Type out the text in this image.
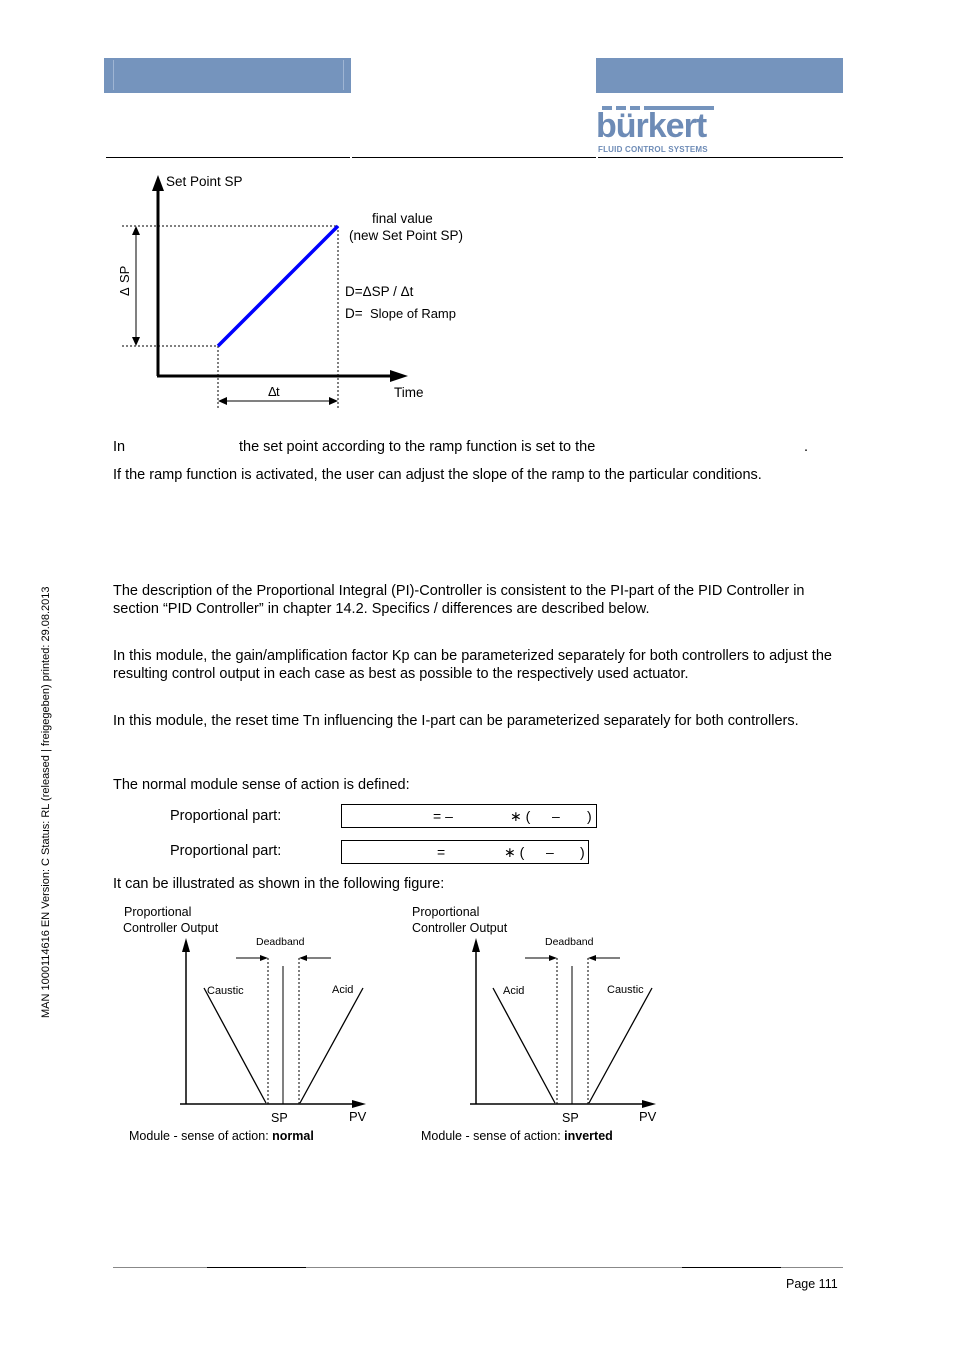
bürkert
FLUID CONTROL SYSTEMS
Set Point SP
Time
final value
(new Set Point SP)
D=ΔSP / Δt
D= Slope of Ramp
Δ
SP
Δ t
In	the set point according to the ramp function is set to the	.
If the ramp function is activated, the user can adjust the slope of the ramp to the particular conditions.
The description of the Proportional Integral (PI)-Controller is consistent to the PI-part of the PID Controller in section “PID Controller” in chapter 14.2. Specifics / differences are described below.
In this module, the gain/amplification factor Kp can be parameterized separately for both controllers to adjust the resulting control output in each case as best as possible to the respectively used actuator.
In this module, the reset time Tn influencing the I-part can be parameterized separately for both controllers.
The normal module sense of action is defined:
Proportional part:	= –	∗ ( – )
Proportional part:	=	∗ ( – )
It can be illustrated as shown in the following figure:
Proportional
Controller Output
Deadband
Caustic	Acid
SP	PV
Module - sense of action: normal
Proportional
Controller Output
Deadband
Acid	Caustic
SP	PV
Module - sense of action: inverted
MAN 1000114616 EN Version: C Status: RL (released | freigegeben) printed: 29.08.2013
Page 111
